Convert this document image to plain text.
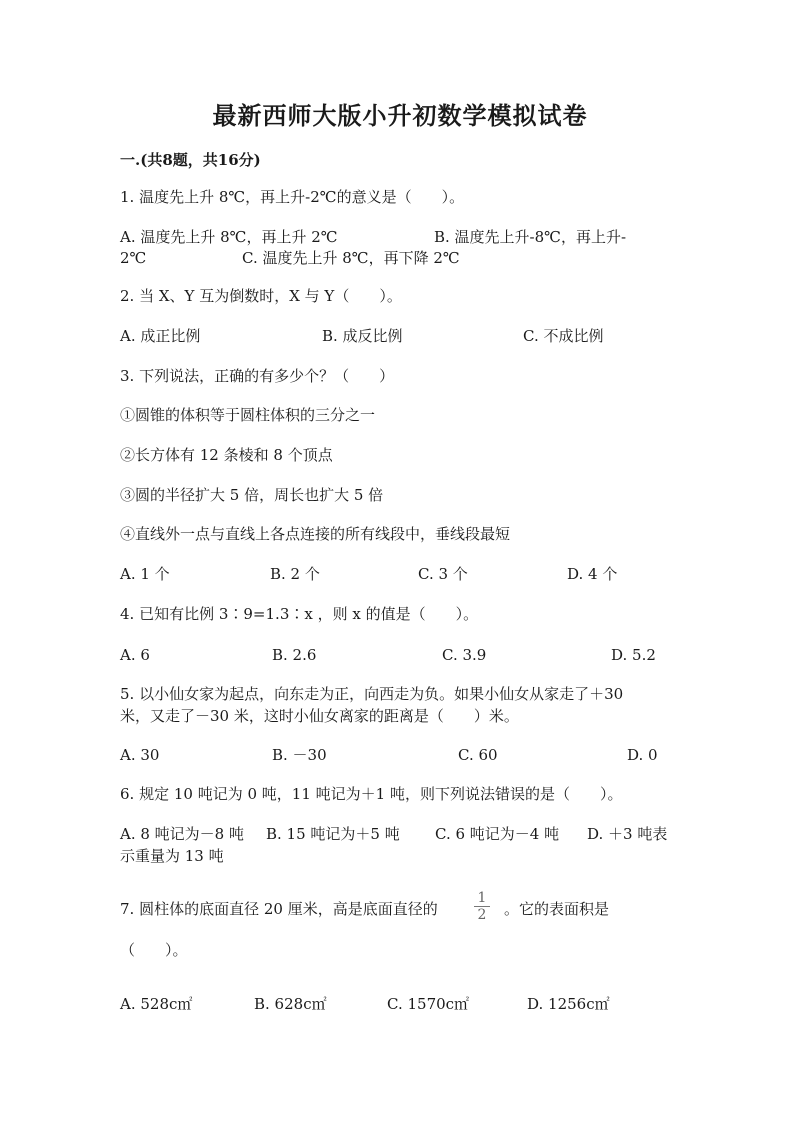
最新西师大版小升初数学模拟试卷
一.(共8题，共16分)
1. 温度先上升 8℃，再上升-2℃的意义是（　　）。
A. 温度先上升 8℃，再上升 2℃	B. 温度先上升-8℃，再上升-
2℃	C. 温度先上升 8℃，再下降 2℃
2. 当 X、Y 互为倒数时，X 与 Y（　　）。
A. 成正比例	B. 成反比例	C. 不成比例
3. 下列说法，正确的有多少个？（　　）
①圆锥的体积等于圆柱体积的三分之一
②长方体有 12 条棱和 8 个顶点
③圆的半径扩大 5 倍，周长也扩大 5 倍
④直线外一点与直线上各点连接的所有线段中，垂线段最短
A. 1 个	B. 2 个	C. 3 个	D. 4 个
4. 已知有比例 3∶9=1.3∶x ，则 x 的值是（　　）。
A. 6	B. 2.6	C. 3.9	D. 5.2
5. 以小仙女家为起点，向东走为正，向西走为负。如果小仙女从家走了＋30
米，又走了－30 米，这时小仙女离家的距离是（　　）米。
A. 30	B. －30	C. 60	D. 0
6. 规定 10 吨记为 0 吨，11 吨记为＋1 吨，则下列说法错误的是（　　）。
A. 8 吨记为－8 吨 B. 15 吨记为＋5 吨 C. 6 吨记为－4 吨 D. ＋3 吨表
示重量为 13 吨
7. 圆柱体的底面直径 20 厘米，高是底面直径的
1
2 。它的表面积是
（　　）。
A. 528c㎡	B. 628c㎡	C. 1570c㎡	D. 1256c㎡
